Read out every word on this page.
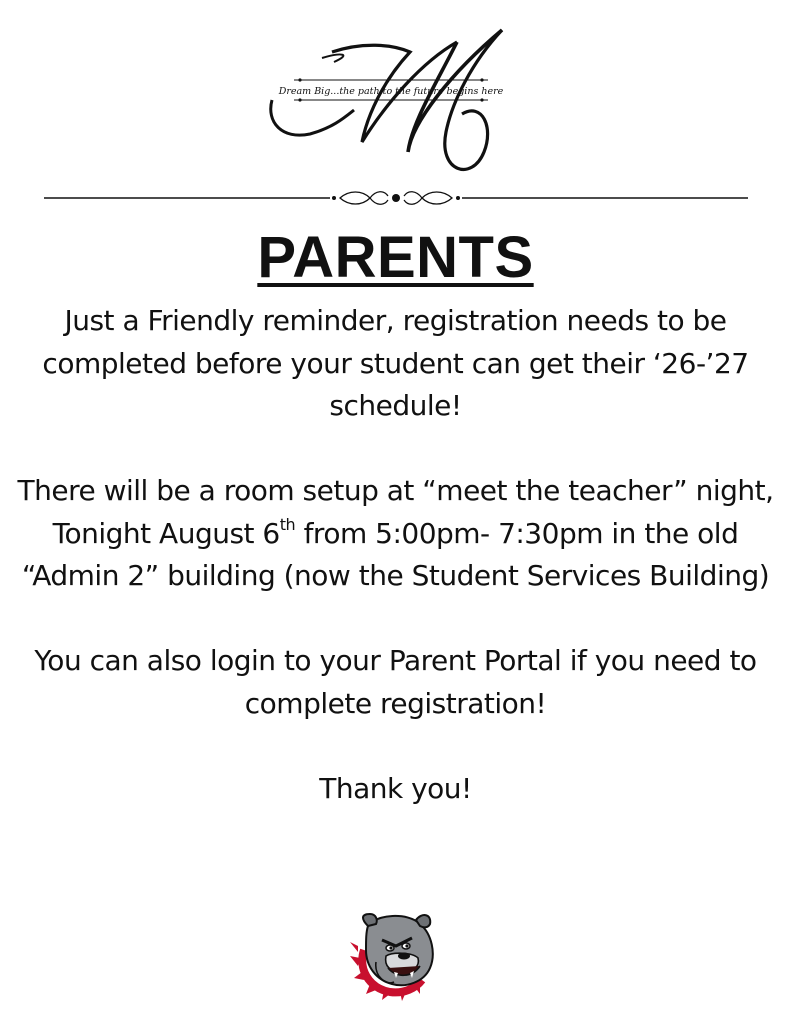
Dream Big...the path to the future begins here
PARENTS

Just a Friendly reminder, registration needs to be completed before your student can get their ‘26-’27 schedule!

There will be a room setup at “meet the teacher” night, Tonight August 6th from 5:00pm- 7:30pm in the old “Admin 2” building (now the Student Services Building)

You can also login to your Parent Portal if you need to complete registration!

Thank you!
